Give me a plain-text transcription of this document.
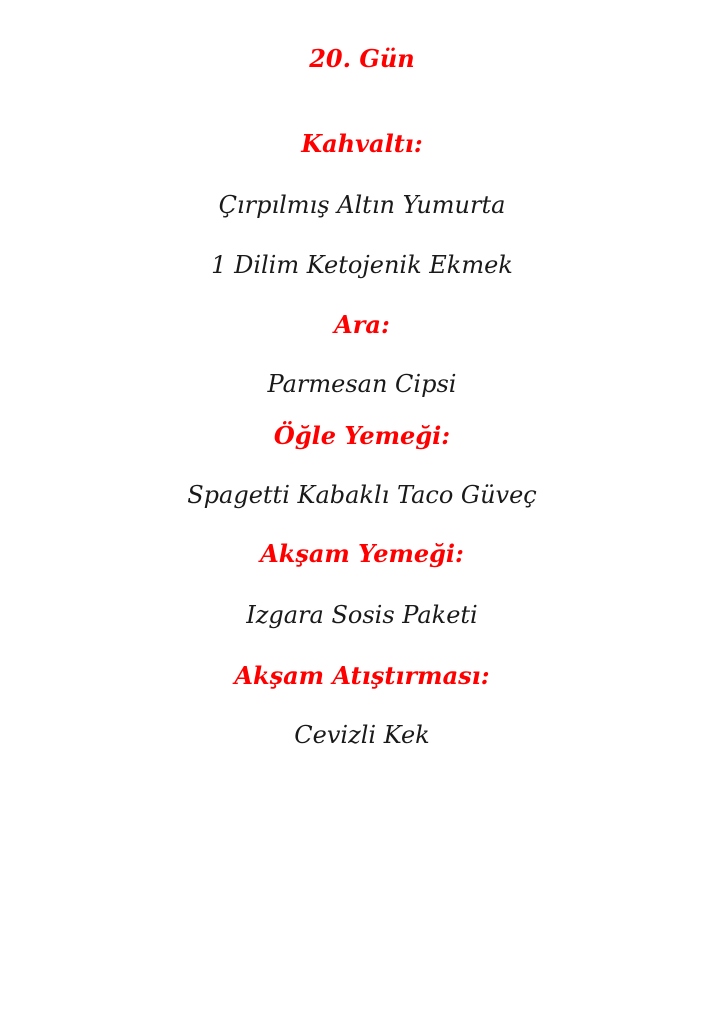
20. Gün
Kahvaltı:
Çırpılmış Altın Yumurta
1 Dilim Ketojenik Ekmek
Ara:
Parmesan Cipsi
Öğle Yemeği:
Spagetti Kabaklı Taco Güveç
Akşam Yemeği:
Izgara Sosis Paketi
Akşam Atıştırması:
Cevizli Kek
